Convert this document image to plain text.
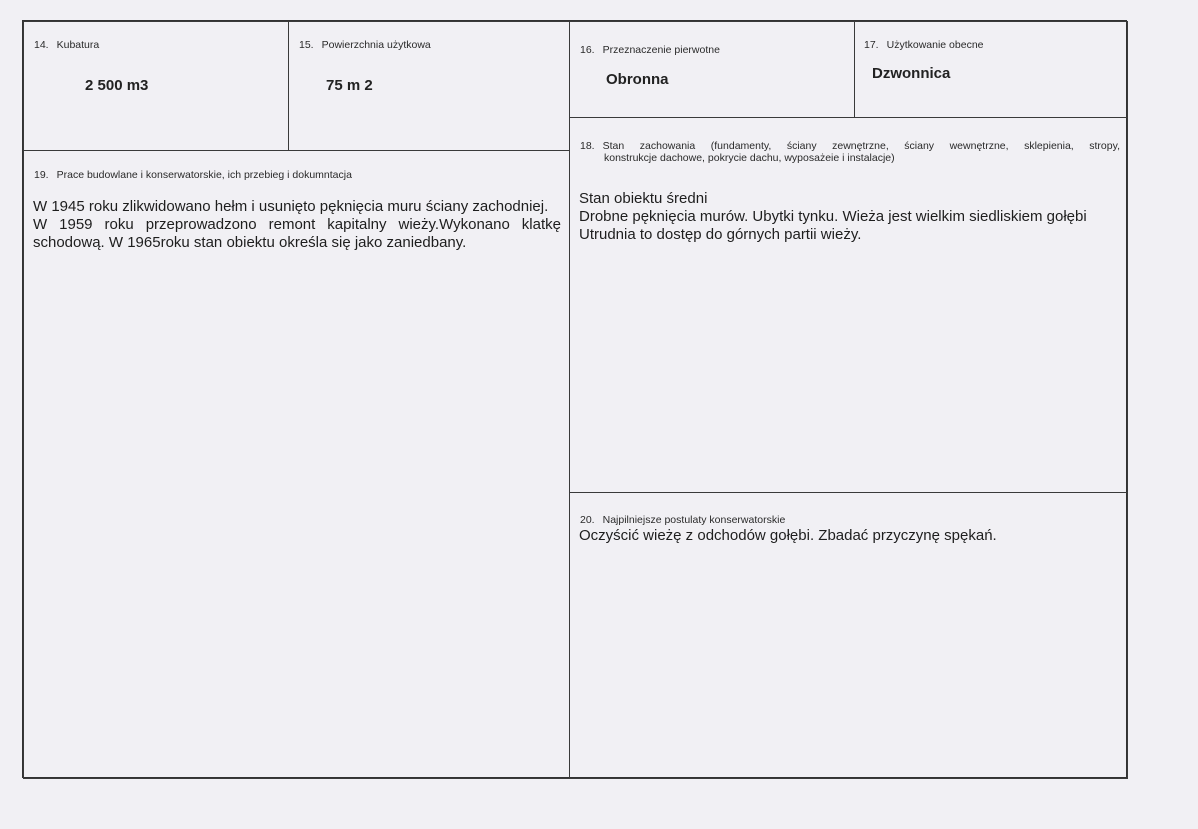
14. Kubatura
2 500 m3
15. Powierzchnia użytkowa
75 m 2
16. Przeznaczenie pierwotne
Obronna
17. Użytkowanie obecne
Dzwonnica
18. Stan zachowania (fundamenty, ściany zewnętrzne, ściany wewnętrzne, sklepienia, stropy,
konstrukcje dachowe, pokrycie dachu, wyposażeie i instalacje)
Stan obiektu średni
Drobne pęknięcia murów. Ubytki tynku. Wieża jest wielkim siedliskiem gołębi
Utrudnia to dostęp do górnych partii wieży.
19. Prace budowlane i konserwatorskie, ich przebieg i dokumntacja
W 1945 roku zlikwidowano hełm i usunięto pęknięcia muru ściany zachodniej.
W 1959 roku przeprowadzono remont kapitalny wieży.Wykonano klatkę schodową. W 1965roku stan obiektu określa się jako zaniedbany.
20. Najpilniejsze postulaty konserwatorskie
Oczyścić wieżę z odchodów gołębi. Zbadać przyczynę spękań.
